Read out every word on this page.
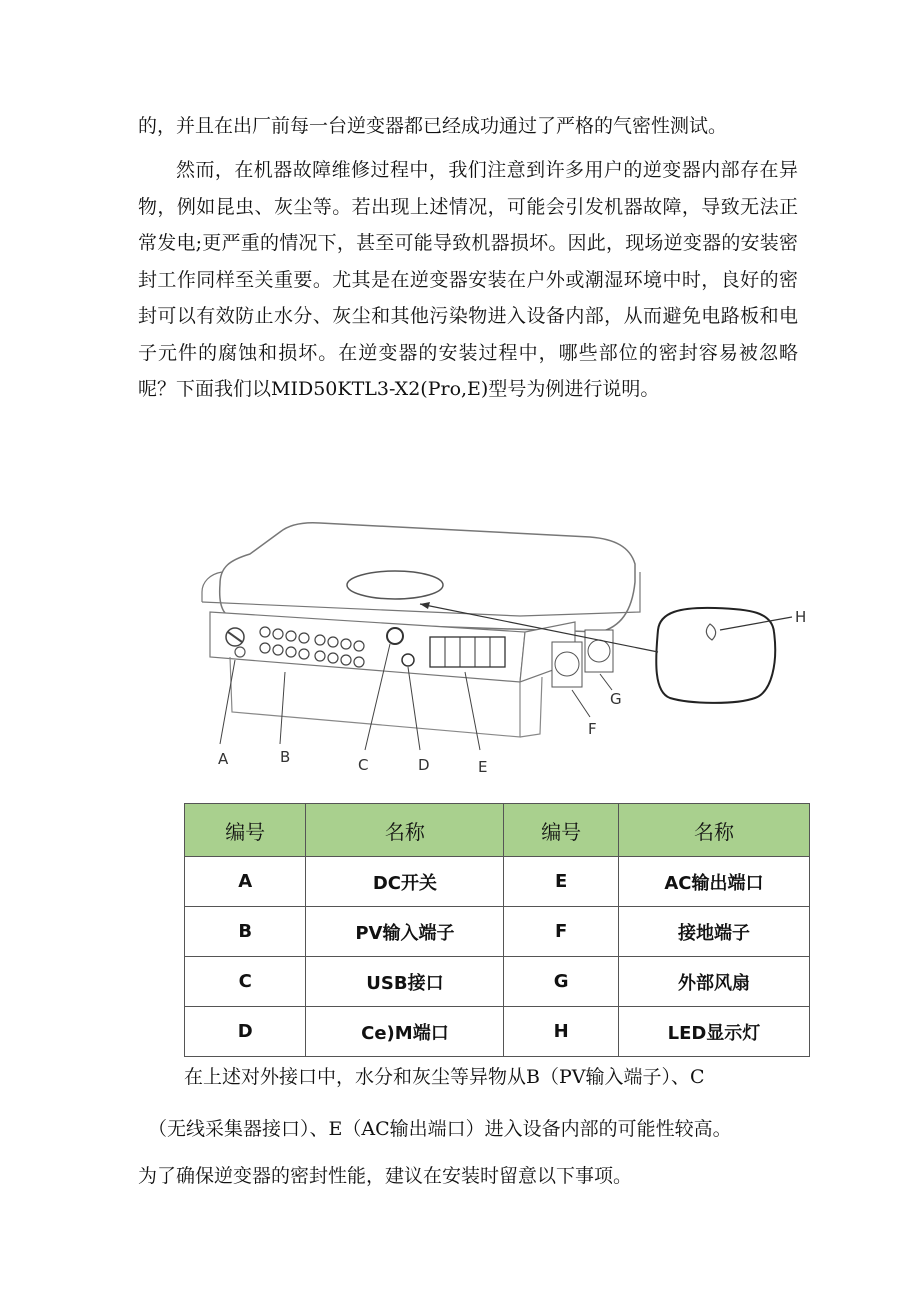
的，并且在出厂前每一台逆变器都已经成功通过了严格的气密性测试。

然而，在机器故障维修过程中，我们注意到许多用户的逆变器内部存在异物，例如昆虫、灰尘等。若出现上述情况，可能会引发机器故障，导致无法正常发电;更严重的情况下，甚至可能导致机器损坏。因此，现场逆变器的安装密封工作同样至关重要。尤其是在逆变器安装在户外或潮湿环境中时，良好的密封可以有效防止水分、灰尘和其他污染物进入设备内部，从而避免电路板和电子元件的腐蚀和损坏。在逆变器的安装过程中，哪些部位的密封容易被忽略呢？下面我们以MID50KTL3-X2(Pro,E)型号为例进行说明。

A	B	C	D	E
F
G
H
编号	名称	编号	名称
A	DC开关	E	AC输出端口
B	PV输入端子	F	接地端子
C	USB接口	G	外部风扇
D	Ce)M端口	H	LED显示灯
在上述对外接口中，水分和灰尘等异物从B（PV输入端子）、C
（无线采集器接口）、E（AC输出端口）进入设备内部的可能性较高。
为了确保逆变器的密封性能，建议在安装时留意以下事项。
